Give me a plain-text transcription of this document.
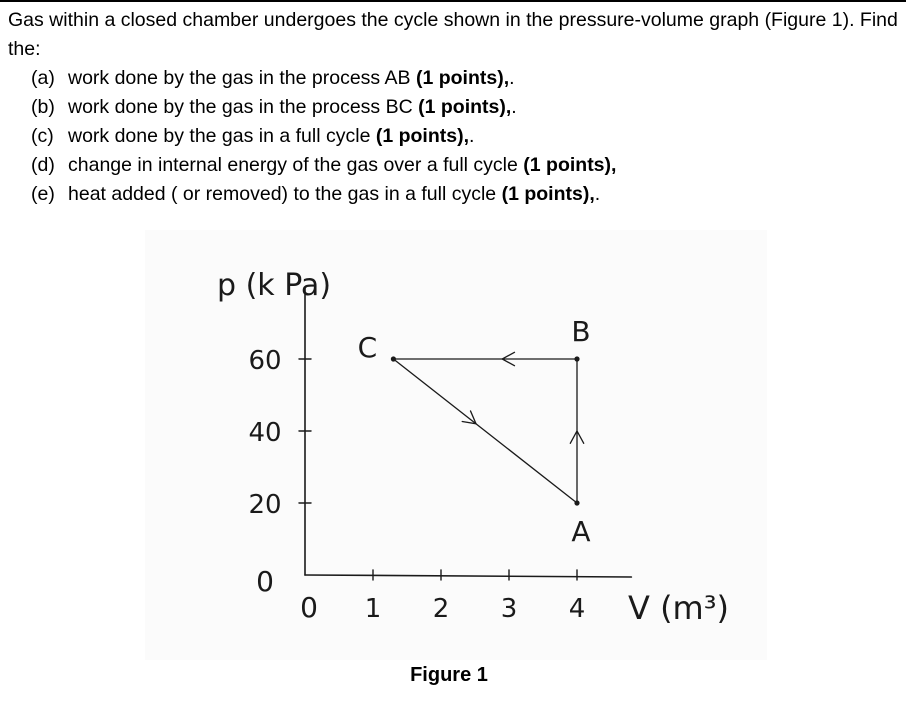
Gas within a closed chamber undergoes the cycle shown in the pressure-volume graph (Figure 1). Find the:

(a) work done by the gas in the process AB (1 points),.
(b) work done by the gas in the process BC (1 points),.
(c) work done by the gas in a full cycle (1 points),.
(d) change in internal energy of the gas over a full cycle (1 points),
(e) heat added ( or removed) to the gas in a full cycle (1 points),.
60
40
20
0
0 1 2 3 4
p (k Pa)
V (m³)
A
B
C
Figure 1
